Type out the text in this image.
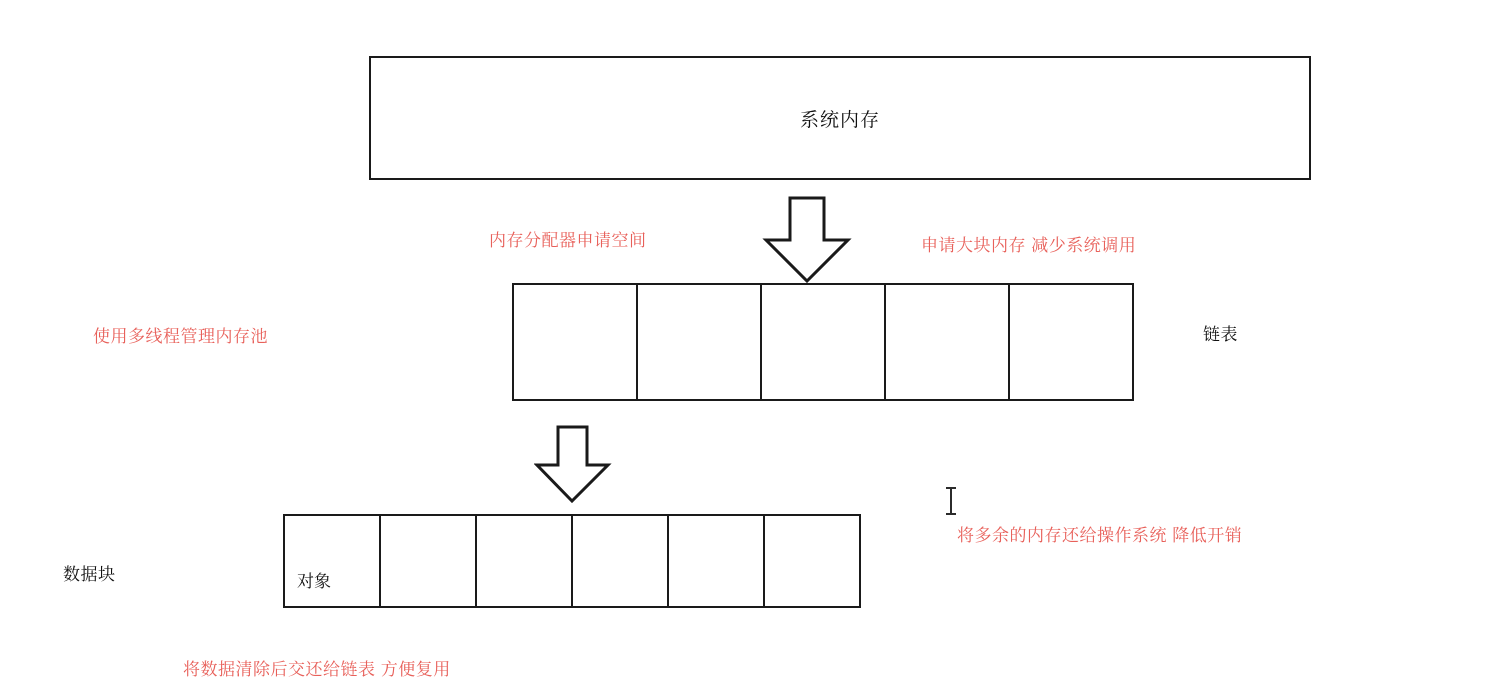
系统内存
内存分配器申请空间	申请大块内存 减少系统调用
使用多线程管理内存池	链表
对象
数据块
将多余的内存还给操作系统 降低开销
将数据清除后交还给链表 方便复用
